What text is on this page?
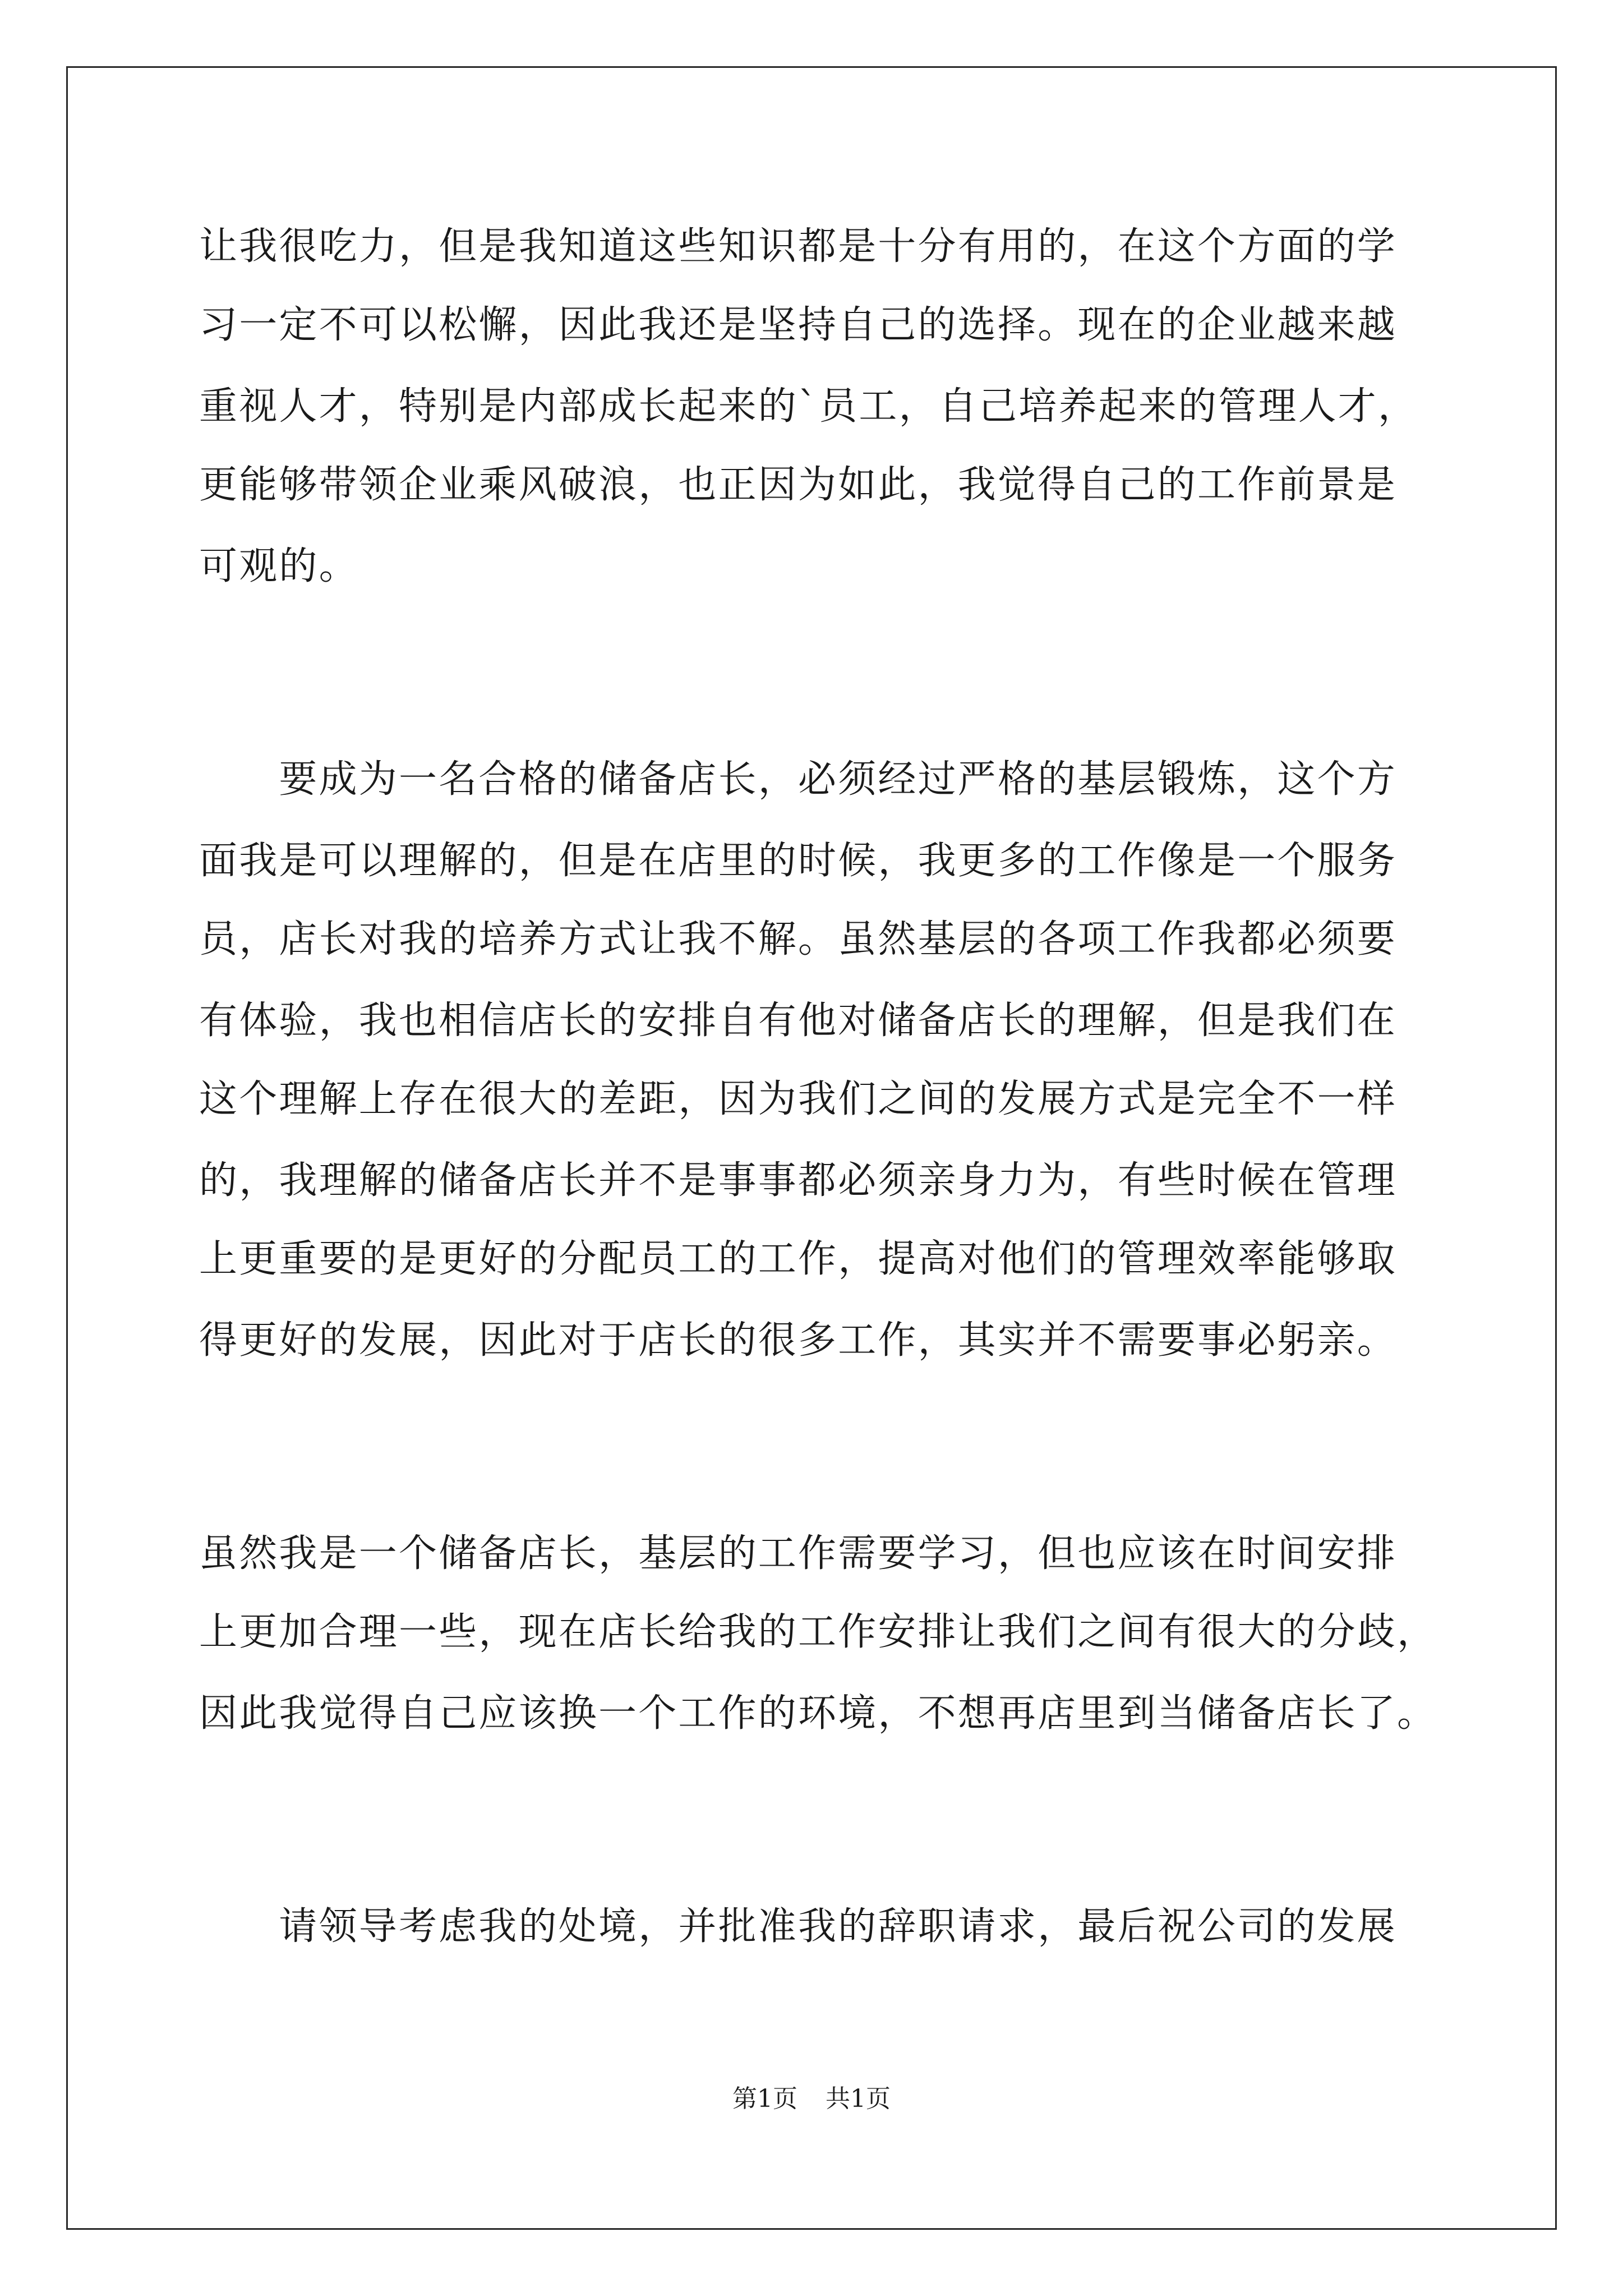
让我很吃力，但是我知道这些知识都是十分有用的，在这个方面的学
习一定不可以松懈，因此我还是坚持自己的选择。现在的企业越来越
重视人才，特别是内部成长起来的`员工，自己培养起来的管理人才，
更能够带领企业乘风破浪，也正因为如此，我觉得自己的工作前景是
可观的。
　　要成为一名合格的储备店长，必须经过严格的基层锻炼，这个方
面我是可以理解的，但是在店里的时候，我更多的工作像是一个服务
员，店长对我的培养方式让我不解。虽然基层的各项工作我都必须要
有体验，我也相信店长的安排自有他对储备店长的理解，但是我们在
这个理解上存在很大的差距，因为我们之间的发展方式是完全不一样
的，我理解的储备店长并不是事事都必须亲身力为，有些时候在管理
上更重要的是更好的分配员工的工作，提高对他们的管理效率能够取
得更好的发展，因此对于店长的很多工作，其实并不需要事必躬亲。
虽然我是一个储备店长，基层的工作需要学习，但也应该在时间安排
上更加合理一些，现在店长给我的工作安排让我们之间有很大的分歧，
因此我觉得自己应该换一个工作的环境，不想再店里到当储备店长了。
　　请领导考虑我的处境，并批准我的辞职请求，最后祝公司的发展
第1页 共1页
